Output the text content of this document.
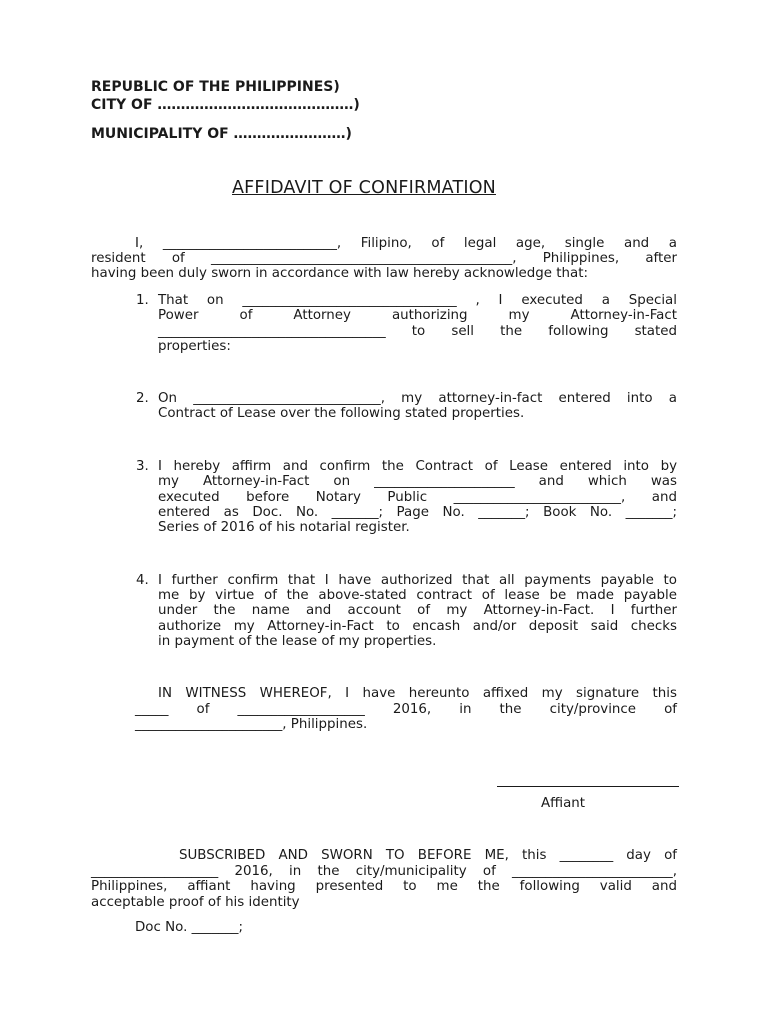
REPUBLIC OF THE PHILIPPINES)
CITY OF ……………………………………)
MUNICIPALITY OF ……………………)
AFFIDAVIT OF CONFIRMATION
I, __________________________, Filipino, of legal age, single and a
resident of _____________________________________________, Philippines, after
having been duly sworn in accordance with law hereby acknowledge that:
1. That on ________________________________ , I executed a Special
Power of Attorney authorizing my Attorney-in-Fact
__________________________________ to sell the following stated
properties:
2. On ____________________________, my attorney-in-fact entered into a
Contract of Lease over the following stated properties.
3. I hereby affirm and confirm the Contract of Lease entered into by
my Attorney-in-Fact on _____________________ and which was
executed before Notary Public _________________________, and
entered as Doc. No. _______; Page No. _______; Book No. _______;
Series of 2016 of his notarial register.
4. I further confirm that I have authorized that all payments payable to
me by virtue of the above-stated contract of lease be made payable
under the name and account of my Attorney-in-Fact. I further
authorize my Attorney-in-Fact to encash and/or deposit said checks
in payment of the lease of my properties.
IN WITNESS WHEREOF, I have hereunto affixed my signature this
_____ of ___________________ 2016, in the city/province of
______________________, Philippines.
Affiant
SUBSCRIBED AND SWORN TO BEFORE ME, this ________ day of
___________________ 2016, in the city/municipality of ________________________,
Philippines, affiant having presented to me the following valid and
acceptable proof of his identity
Doc No. _______;
